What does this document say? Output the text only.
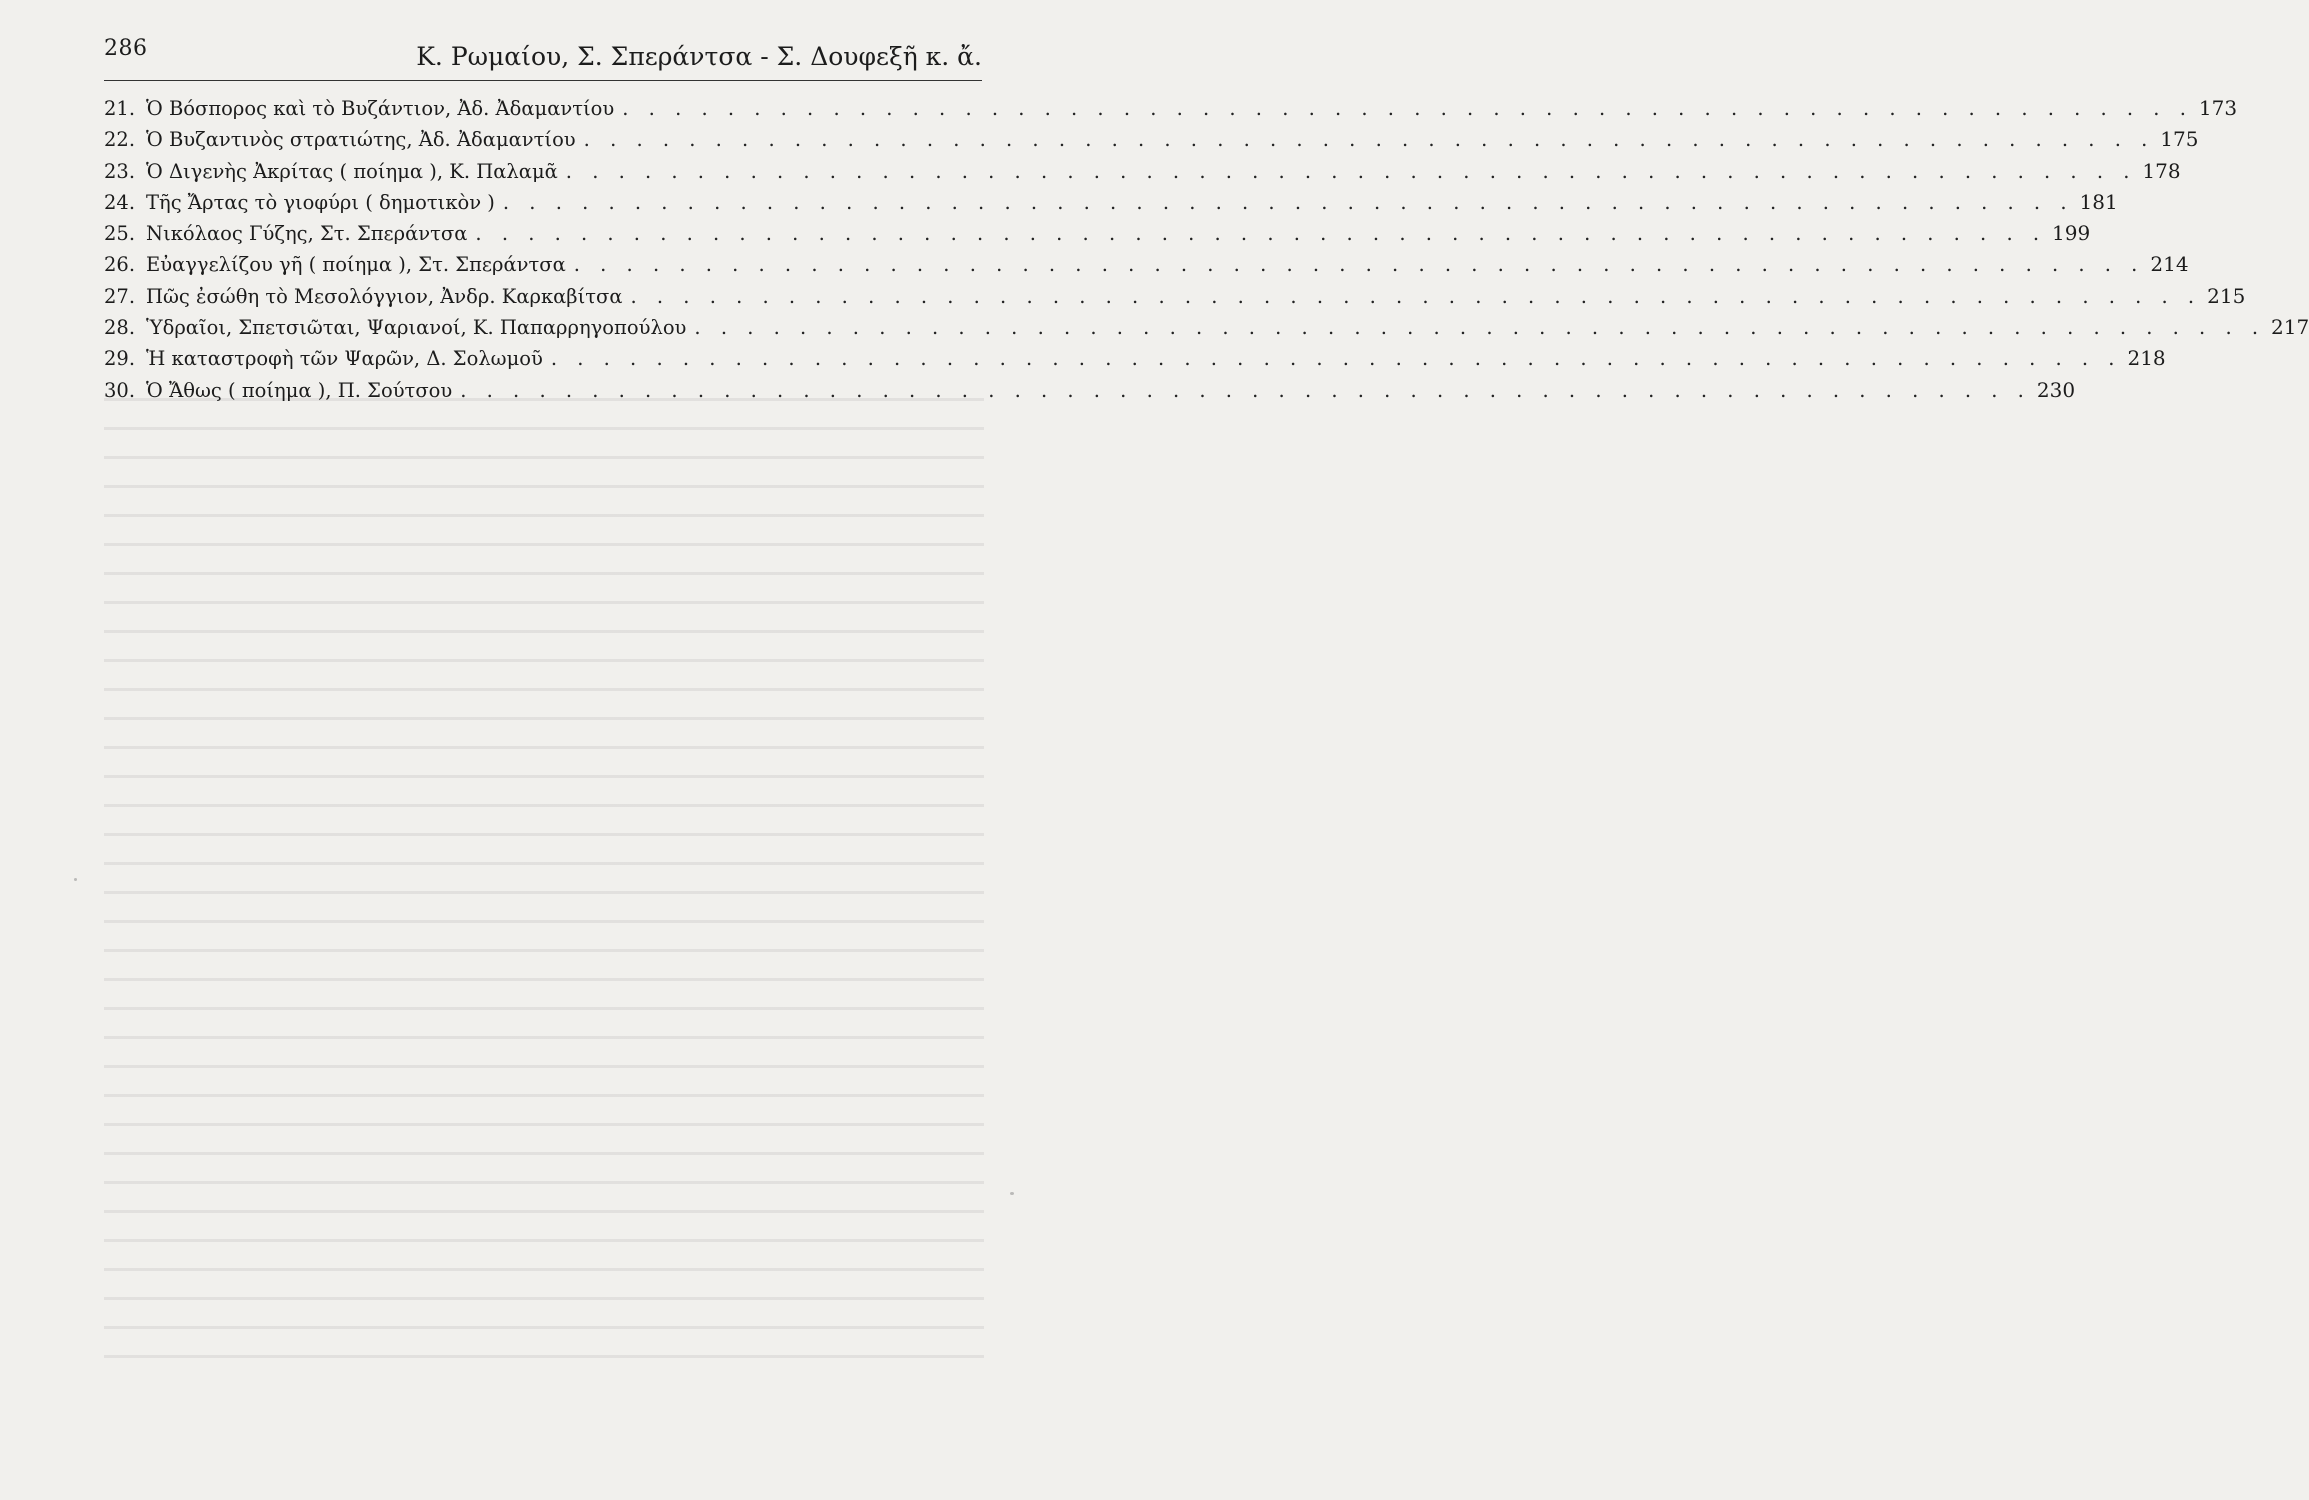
286	Κ. Ρωμαίου, Σ. Σπεράντσα - Σ. Δουφεξῆ κ. ἄ.
21. Ὁ Βόσπορος καὶ τὸ Βυζάντιον, Ἀδ. Ἀδαμαντίου . . . . . . . . . . . . . . . . . . . . . . . . . . . . . . . . . . . . . . . . . . . . . . . . . . . . . . . . . . . . 173
22. Ὁ Βυζαντινὸς στρατιώτης, Ἀδ. Ἀδαμαντίου . . . . . . . . . . . . . . . . . . . . . . . . . . . . . . . . . . . . . . . . . . . . . . . . . . . . . . . . . . . . 175
23. Ὁ Διγενὴς Ἀκρίτας ( ποίημα ), Κ. Παλαμᾶ . . . . . . . . . . . . . . . . . . . . . . . . . . . . . . . . . . . . . . . . . . . . . . . . . . . . . . . . . . . . 178
24. Τῆς Ἄρτας τὸ γιοφύρι ( δημοτικὸν ) . . . . . . . . . . . . . . . . . . . . . . . . . . . . . . . . . . . . . . . . . . . . . . . . . . . . . . . . . . . . 181
25. Νικόλαος Γύζης, Στ. Σπεράντσα . . . . . . . . . . . . . . . . . . . . . . . . . . . . . . . . . . . . . . . . . . . . . . . . . . . . . . . . . . . . 199
26. Εὐαγγελίζου γῆ ( ποίημα ), Στ. Σπεράντσα . . . . . . . . . . . . . . . . . . . . . . . . . . . . . . . . . . . . . . . . . . . . . . . . . . . . . . . . . . . . 214
27. Πῶς ἐσώθη τὸ Μεσολόγγιον, Ἀνδρ. Καρκαβίτσα . . . . . . . . . . . . . . . . . . . . . . . . . . . . . . . . . . . . . . . . . . . . . . . . . . . . . . . . . . . . 215
28. Ὑδραῖοι, Σπετσιῶται, Ψαριανοί, Κ. Παπαρρηγοπούλου . . . . . . . . . . . . . . . . . . . . . . . . . . . . . . . . . . . . . . . . . . . . . . . . . . . . . . . . . . . . 217
29. Ἡ καταστροφὴ τῶν Ψαρῶν, Δ. Σολωμοῦ . . . . . . . . . . . . . . . . . . . . . . . . . . . . . . . . . . . . . . . . . . . . . . . . . . . . . . . . . . . . 218
30. Ὁ Ἄθως ( ποίημα ), Π. Σούτσου . . . . . . . . . . . . . . . . . . . . . . . . . . . . . . . . . . . . . . . . . . . . . . . . . . . . . . . . . . . . 230
